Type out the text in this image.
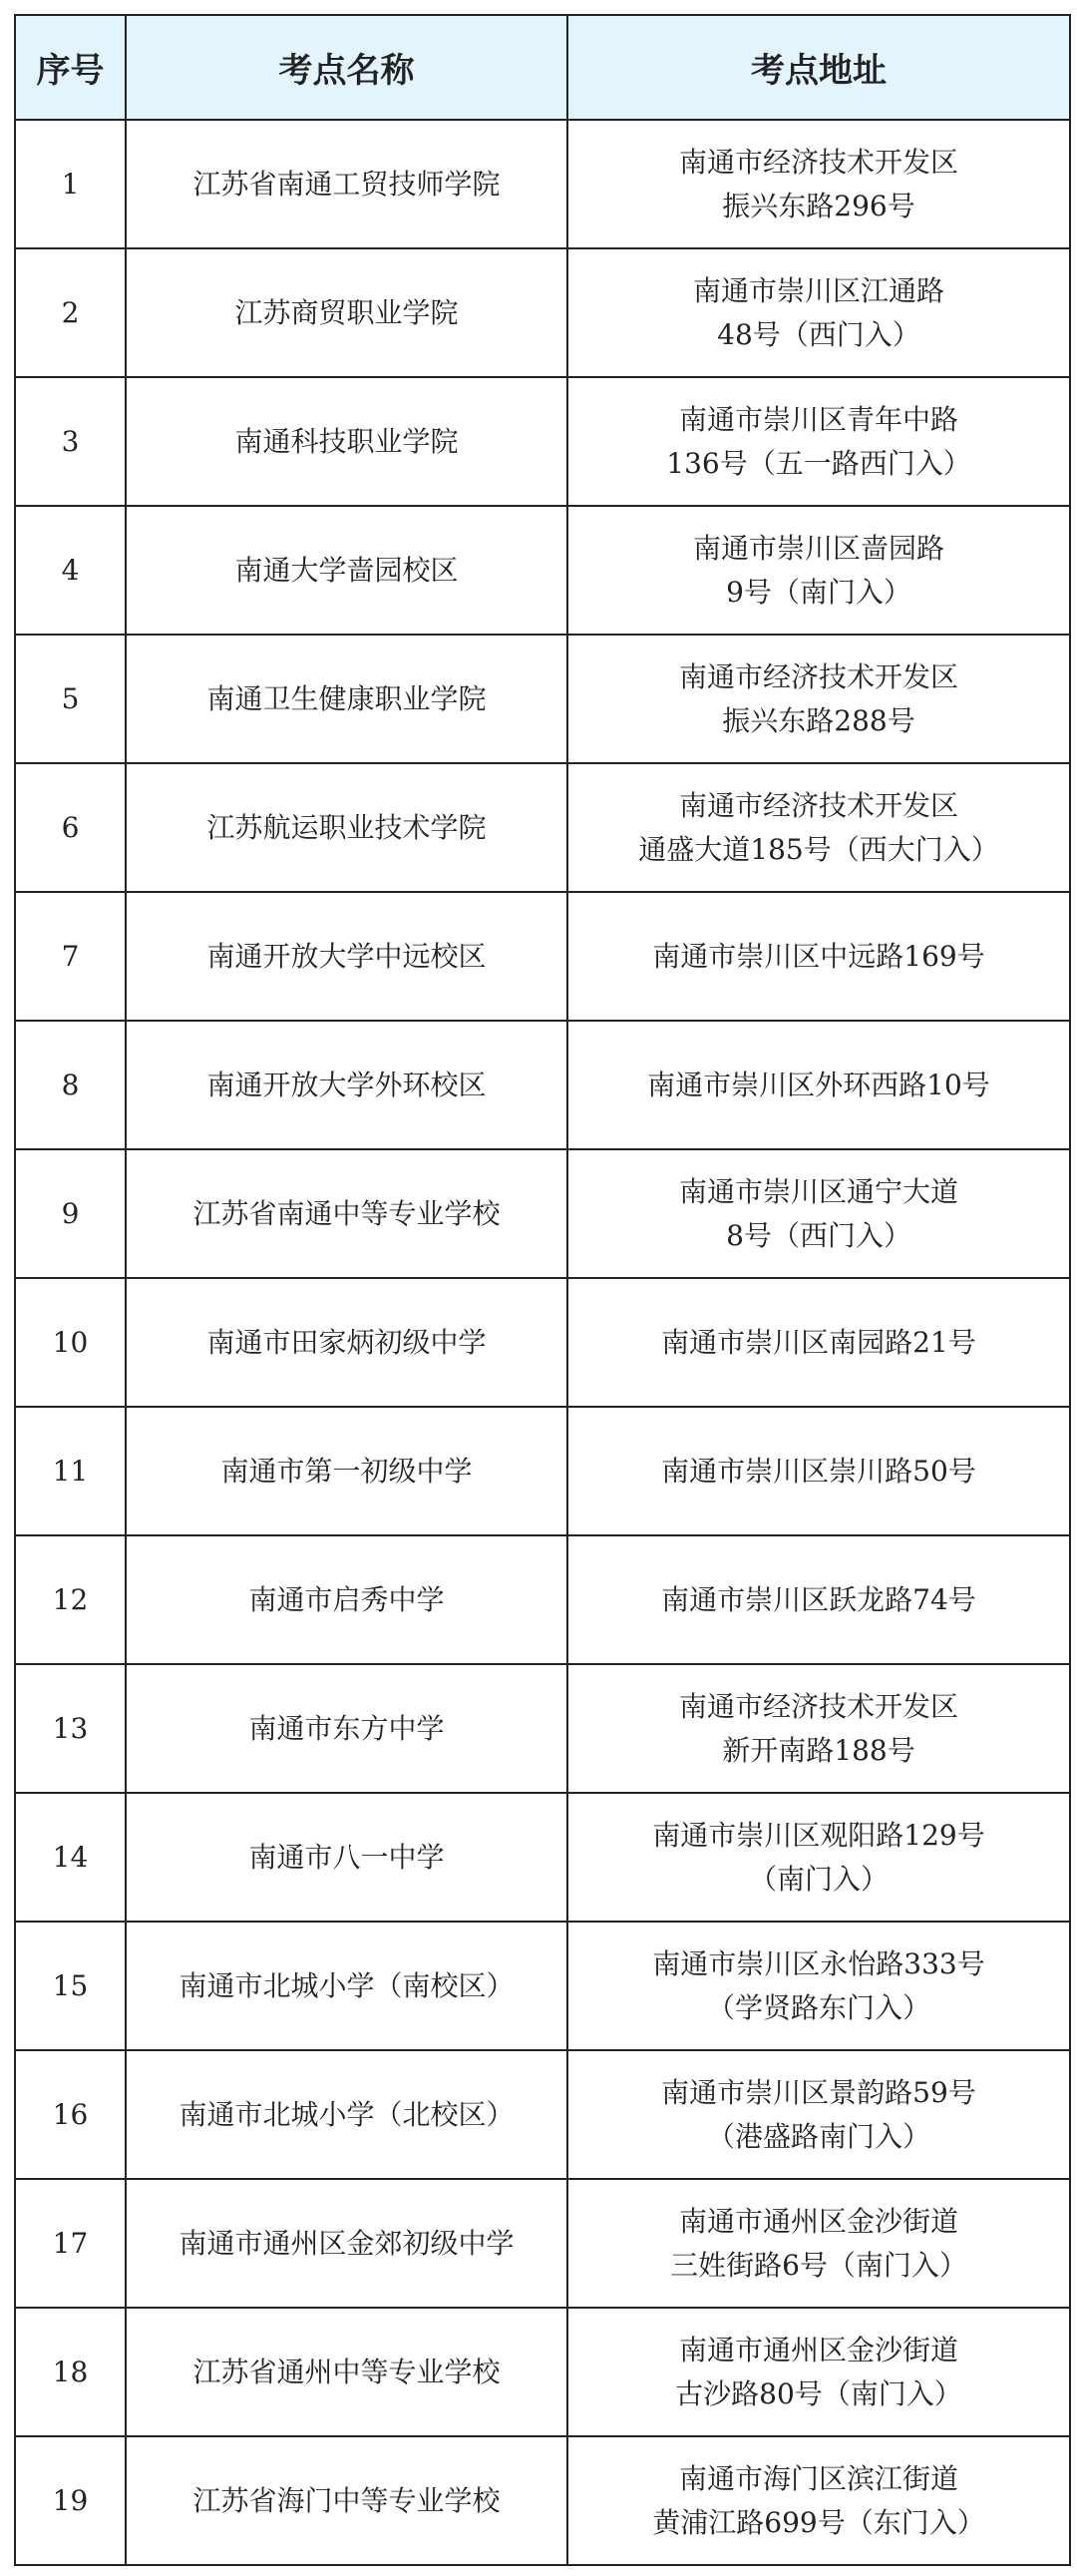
序号	考点名称	考点地址
1	江苏省南通工贸技师学院	南通市经济技术开发区
振兴东路296号

2	江苏商贸职业学院	南通市崇川区江通路
48号（西门入）

3	南通科技职业学院	南通市崇川区青年中路
136号（五一路西门入）

4	南通大学啬园校区	南通市崇川区啬园路
9号（南门入）

5	南通卫生健康职业学院	南通市经济技术开发区
振兴东路288号

6	江苏航运职业技术学院	南通市经济技术开发区
通盛大道185号（西大门入）

7	南通开放大学中远校区	南通市崇川区中远路169号

8	南通开放大学外环校区	南通市崇川区外环西路10号

9	江苏省南通中等专业学校	南通市崇川区通宁大道
8号（西门入）

10	南通市田家炳初级中学	南通市崇川区南园路21号

11	南通市第一初级中学	南通市崇川区崇川路50号

12	南通市启秀中学	南通市崇川区跃龙路74号

13	南通市东方中学	南通市经济技术开发区
新开南路188号

14	南通市八一中学	南通市崇川区观阳路129号
（南门入）

15	南通市北城小学（南校区）	南通市崇川区永怡路333号
（学贤路东门入）

16	南通市北城小学（北校区）	南通市崇川区景韵路59号
（港盛路南门入）

17	南通市通州区金郊初级中学	南通市通州区金沙街道
三姓街路6号（南门入）

18	江苏省通州中等专业学校	南通市通州区金沙街道
古沙路80号（南门入）

19	江苏省海门中等专业学校	南通市海门区滨江街道
黄浦江路699号（东门入）
